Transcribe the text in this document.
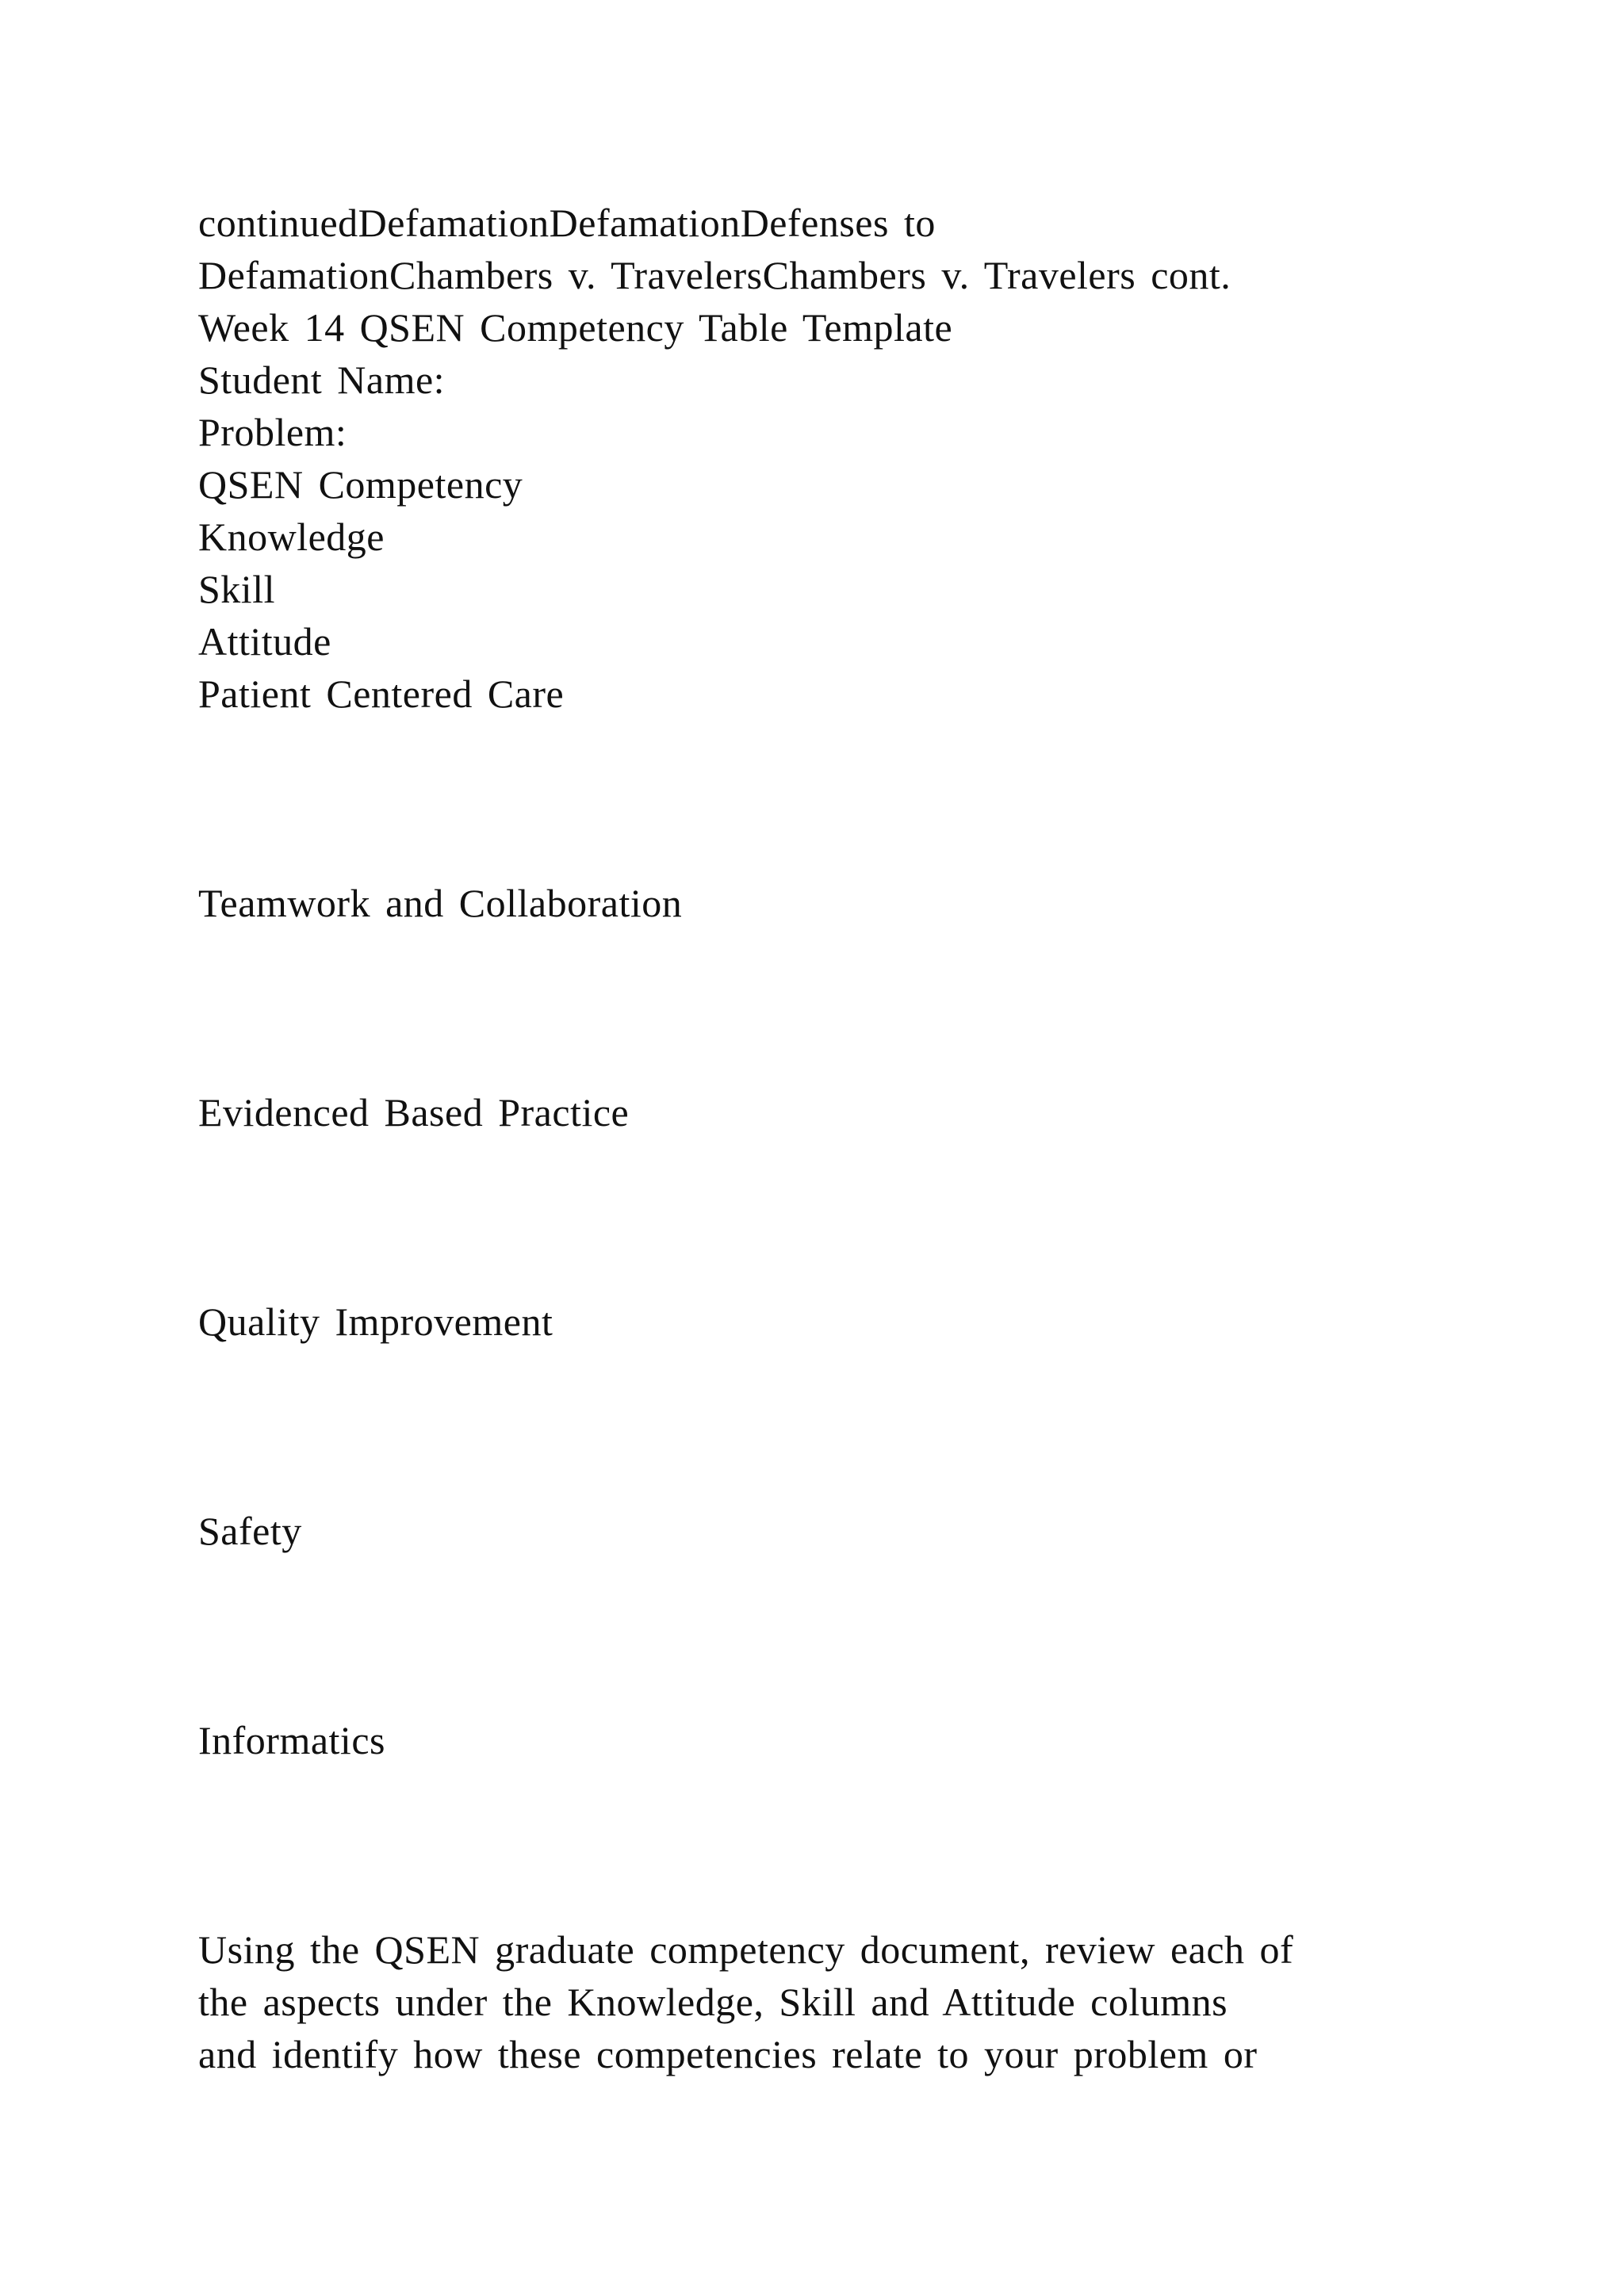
continuedDefamationDefamationDefenses to
DefamationChambers v. TravelersChambers v. Travelers cont.
Week 14 QSEN Competency Table Template
Student Name:
Problem:
QSEN Competency
Knowledge
Skill
Attitude
Patient Centered Care
Teamwork and Collaboration
Evidenced Based Practice
Quality Improvement
Safety
Informatics
Using the QSEN graduate competency document, review each of
the aspects under the Knowledge, Skill and Attitude columns
and identify how these competencies relate to your problem or
